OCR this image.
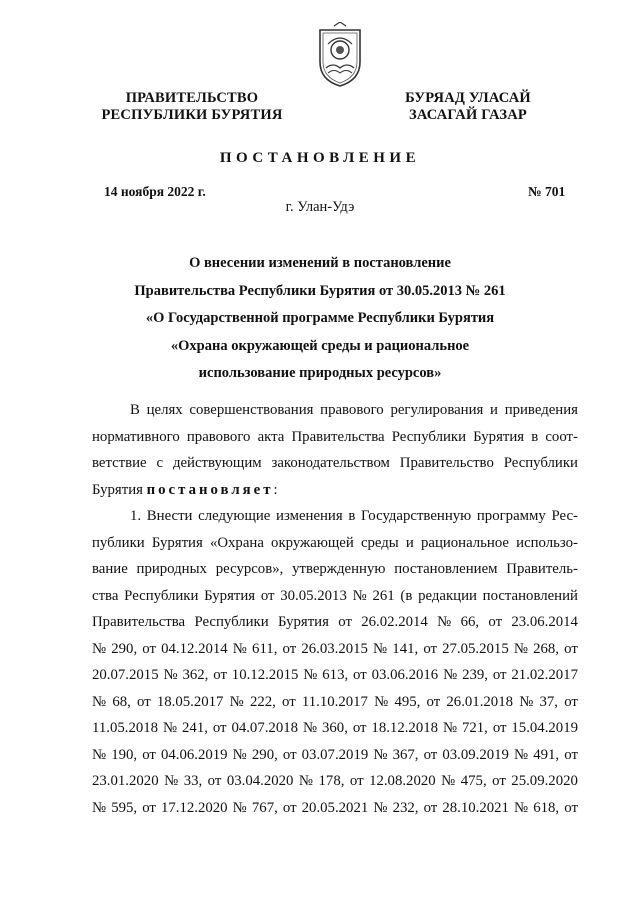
ПРАВИТЕЛЬСТВО
РЕСПУБЛИКИ БУРЯТИЯ
БУРЯАД УЛАСАЙ
ЗАСАГАЙ ГАЗАР
ПОСТАНОВЛЕНИЕ
14 ноября 2022 г.	№ 701
г. Улан-Удэ
О внесении изменений в постановление
Правительства Республики Бурятия от 30.05.2013 № 261
«О Государственной программе Республики Бурятия
«Охрана окружающей среды и рациональное
использование природных ресурсов»
В целях совершенствования правового регулирования и приведения
нормативного правового акта Правительства Республики Бурятия в соот-
ветствие с действующим законодательством Правительство Республики
Бурятия постановляет :
1. Внести следующие изменения в Государственную программу Рес-
публики Бурятия «Охрана окружающей среды и рациональное использо-
вание природных ресурсов», утвержденную постановлением Правитель-
ства Республики Бурятия от 30.05.2013 № 261 (в редакции постановлений
Правительства Республики Бурятия от 26.02.2014 № 66, от 23.06.2014
№ 290, от 04.12.2014 № 611, от 26.03.2015 № 141, от 27.05.2015 № 268, от
20.07.2015 № 362, от 10.12.2015 № 613, от 03.06.2016 № 239, от 21.02.2017
№ 68, от 18.05.2017 № 222, от 11.10.2017 № 495, от 26.01.2018 № 37, от
11.05.2018 № 241, от 04.07.2018 № 360, от 18.12.2018 № 721, от 15.04.2019
№ 190, от 04.06.2019 № 290, от 03.07.2019 № 367, от 03.09.2019 № 491, от
23.01.2020 № 33, от 03.04.2020 № 178, от 12.08.2020 № 475, от 25.09.2020
№ 595, от 17.12.2020 № 767, от 20.05.2021 № 232, от 28.10.2021 № 618, от
